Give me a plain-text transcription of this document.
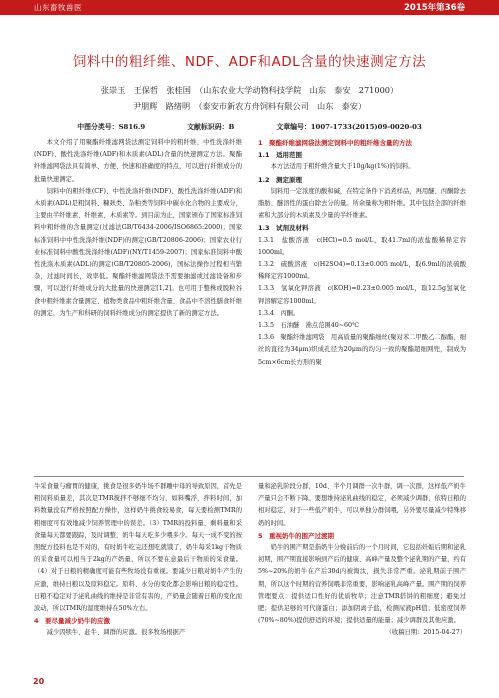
山东畜牧兽医	2015年第36卷
饲料中的粗纤维、NDF、ADF和ADL含量的快速测定方法
张崇玉　王保哲　张桂国　（山东农业大学动物科技学院　山东　泰安　271000）
尹朋辉　路绪明　（泰安市新农方舟饲料有限公司　山东　泰安）
中图分类号：S816.9	文献标识码：B	文章编号：1007-1733(2015)09-0020-03

本文介绍了用聚酯纤维滤网袋法测定饲料中的粗纤维、中性洗涤纤维(NDF)、酸性洗涤纤维(ADF)和木质素(ADL)含量的快速测定方法。聚酯纤维滤网袋法具有简单、方便、快速和准确度的特点，可以进行纤维成分的批量快速测定。

饲料中的粗纤维(CF)、中性洗涤纤维(NDF)、酸性洗涤纤维(ADF)和木质素(ADL)是粗饲料、糠麸类、杂粕类等饲料中碳水化合物的主要成分，主要由半纤维素、纤维素、木质素等。到目前为止，国家颁布了国家标准饲料中粗纤维的含量测定(过滤法GB/T6434-2006/ISO6865:2000)；国家标准饲料中中性洗涤纤维(NDF)的测定(GB/T20806-2006)；国家农业行业标准饲料中酸性洗涤纤维(ADF)(NY/T1459-2007)；国家标准饲料中酸性洗涤木质素(ADL)的测定(GB/T20805-2006)，国标法操作过程相当繁杂，过滤时间长，效率低。聚酯纤维滤网袋法不需要抽滤或过滤设备和步骤，可以进行纤维成分的大批量的快速测定[1,2]。也可用于整株或脱粒谷食中粗纤维素含量测定、植物类食品中粗纤维含量、食品中不溶性膳食纤维的测定，为生产和科研的饲料纤维成分的测定提供了新的测定方法。

1　聚酯纤维滤网袋法测定饲料中的粗纤维含量的方法

1.1　适用范围

本方法适用于粗纤维含量大于10g/kg(1%)的饲料。

1.2　测定原理

饲料用一定浓度的酸和碱，在特定条件下消煮样品，再用醚、丙酮除去脂肪、醚溶性的蛋白除去分的量。所余量称为粗纤维。其中包括全部的纤维素和大部分的木质素及少量的半纤维素。

1.3　试剂及材料

1.3.1　盐酸溶液　c(HCl)=0.5 mol/L，取41.7ml的浓盐酸稀释定容1000ml。

1.3.2　硫酸溶液　c(H2SO4)=0.13±0.005 mol/L，取6.9ml的浓硫酸稀释定容1000ml。

1.3.3　氢氧化钾溶液　c(KOH)=0.23±0.005 mol/L，取12.5g氢氧化钾溶解定容1000ml。

1.3.4　丙酮。

1.3.5　石油醚　沸点范围40~60℃

1.3.6　聚酯纤维滤网袋　用高质量的聚酯细丝(聚对苯二甲酸乙二醇酯，细丝的直径为34μm)织成孔径为20μm的均匀一致的聚酯超细网兜，制成为5cm×6cm长方形的聚

牛采食量与瘤胃的健康，挑食是很多奶牛场不群雕中母的导致原因，首先是粗饲料质量差，其次是TMR搅拌不够细不均匀，如料嘴浮，拌料时间，加料数量没有严格按照配方操作，这样奶牛挑食较易食，每天要检测TMR的粗细度可有效地减少饲养管理中的误差。（3）TMR的投料量、剩料量和采食量每天都要跟踪，及时调整，奶牛每天吃多少喂多少。每天一成不变的按照配方投料也是不对的，有时奶牛吃完还想吃就饿了，奶牛每采1kg干物质的采食量可以相当于2kg的产奶量，所以不要在意最后干物质的采食量。（4）对于日粮的精确度可能有些牧场没有重视。要减少日粮对奶牛产生的应激，维持日粮以及原料稳定。原料、水分的变化都会影响日粮的稳定性。日粮不稳定对于泌乳曲线的维持是非常有害的，产奶量会随着日粮的变化而波动，所以TMR的湿度维持在50%左右。

4　要尽量减少奶牛的应激

减少因犊牛、赶牛、调群的应激。很多牧场根据产

量和泌乳阶段分群，10d、半个月调群一次牛群，调一次群，这样低产奶牛产量只会不断下降。要想维持泌乳曲线的稳定，必须减少调群，依特日粮的相对稳定，对于一些低产奶牛，可以单独分群饲喂，另外要尽量减少特殊移奶的时间。

5　重视奶牛的围产过渡期

奶牛的围产期是指奶牛分娩前后的一个月时间，它包括妊娠后期和泌乳初期，围产期直接影响到产后的健康、高峰产量及整个泌乳期的产量，约有5%~20%的奶牛在产后30d内被淘汰，损失非常严重。泌乳期前子围产期，所以这个时期的营养饲喂非常重要，影响泌乳高峰产量。围产期的饲养管理要点：提供适口性好的优质牧草；注意TMR搭饼的粗细度；避免过肥；提供足够的可代谢蛋白；添加阴离子盐，检测尿液pH值；低密度饲养(70%~80%)提供舒适的环境；提供适量的能量；减少调群及其他应激。

（收稿日期：2015-04-27）

20
